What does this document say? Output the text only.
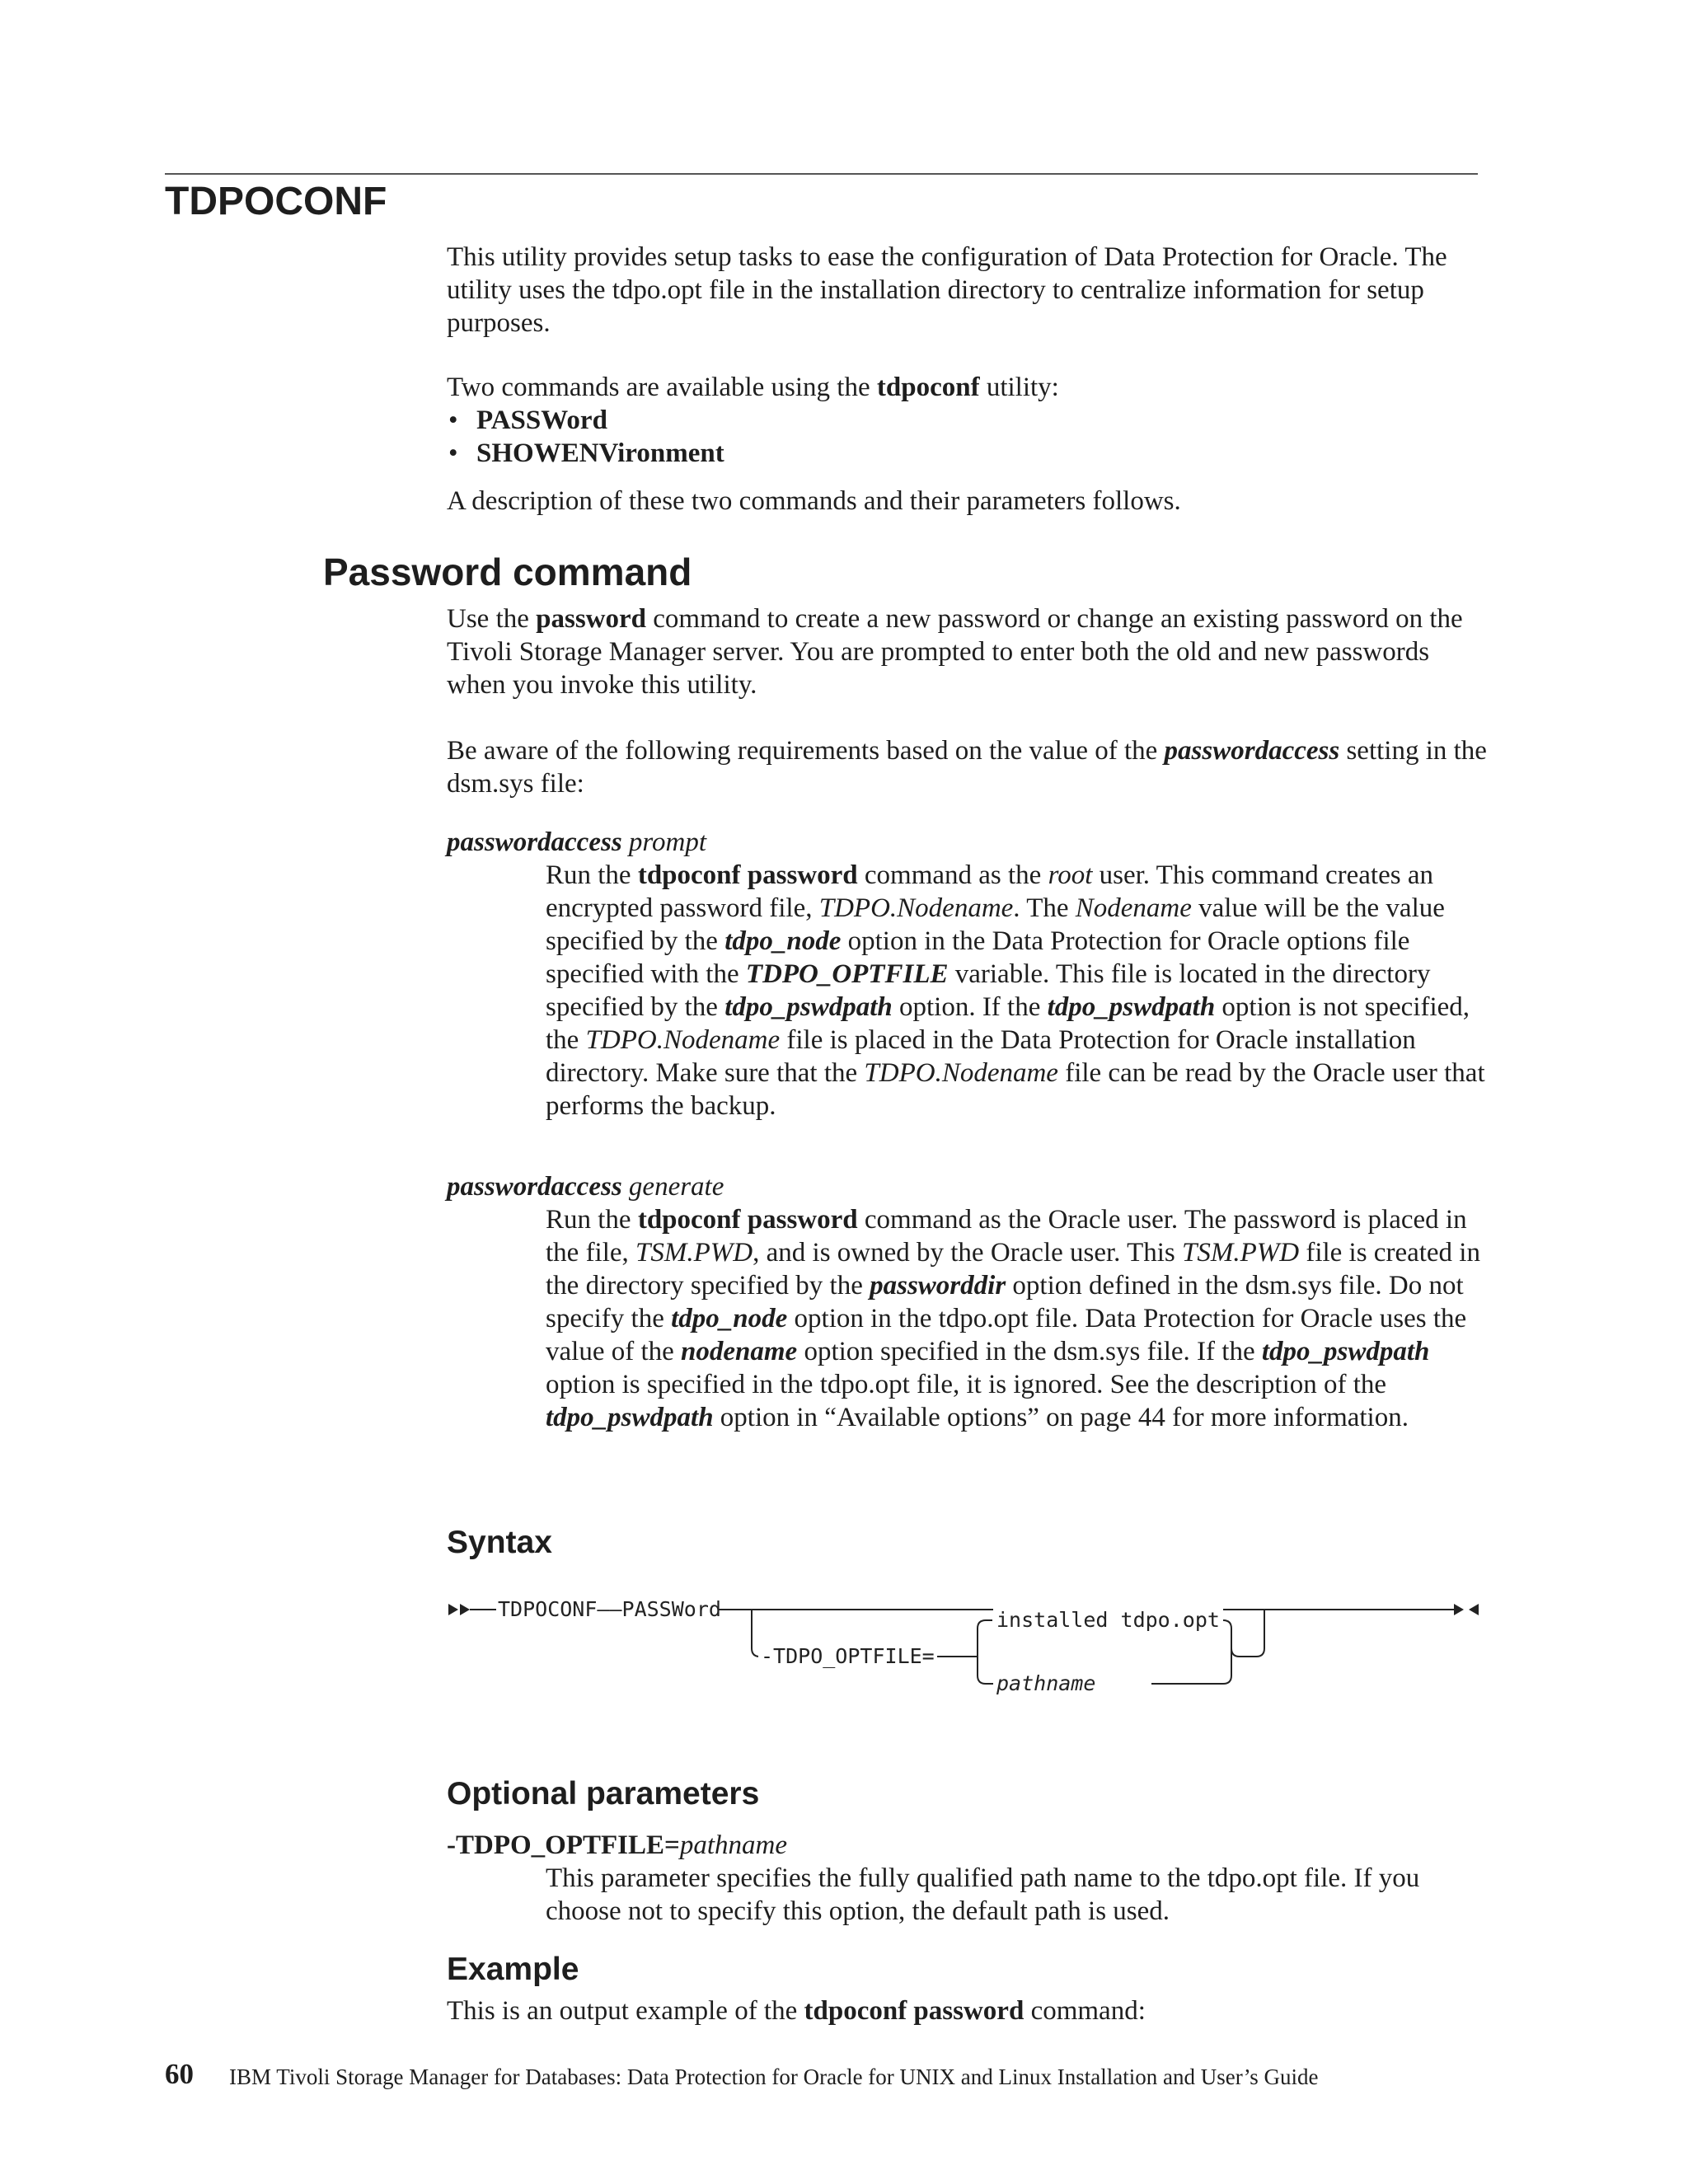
TDPOCONF

This utility provides setup tasks to ease the configuration of Data Protection for Oracle. The utility uses the tdpo.opt file in the installation directory to centralize information for setup purposes.

Two commands are available using the tdpoconf utility:

• PASSWord
• SHOWENVironment

A description of these two commands and their parameters follows.

Password command

Use the password command to create a new password or change an existing password on the Tivoli Storage Manager server. You are prompted to enter both the old and new passwords when you invoke this utility.

Be aware of the following requirements based on the value of the passwordaccess setting in the dsm.sys file:

passwordaccess prompt
Run the tdpoconf password command as the root user. This command creates an encrypted password file, TDPO.Nodename. The Nodename value will be the value specified by the tdpo_node option in the Data Protection for Oracle options file specified with the TDPO_OPTFILE variable. This file is located in the directory specified by the tdpo_pswdpath option. If the tdpo_pswdpath option is not specified, the TDPO.Nodename file is placed in the Data Protection for Oracle installation directory. Make sure that the TDPO.Nodename file can be read by the Oracle user that performs the backup.
passwordaccess generate
Run the tdpoconf password command as the Oracle user. The password is placed in the file, TSM.PWD, and is owned by the Oracle user. This TSM.PWD file is created in the directory specified by the passworddir option defined in the dsm.sys file. Do not specify the tdpo_node option in the tdpo.opt file. Data Protection for Oracle uses the value of the nodename option specified in the dsm.sys file. If the tdpo_pswdpath option is specified in the tdpo.opt file, it is ignored. See the description of the tdpo_pswdpath option in “Available options” on page 44 for more information.
Syntax
TDPOCONF——PASSWord
-TDPO_OPTFILE=
installed tdpo.opt
pathname
Optional parameters
-TDPO_OPTFILE=pathname
This parameter specifies the fully qualified path name to the tdpo.opt file. If you choose not to specify this option, the default path is used.
Example
This is an output example of the tdpoconf password command:
60 IBM Tivoli Storage Manager for Databases: Data Protection for Oracle for UNIX and Linux Installation and User’s Guide
